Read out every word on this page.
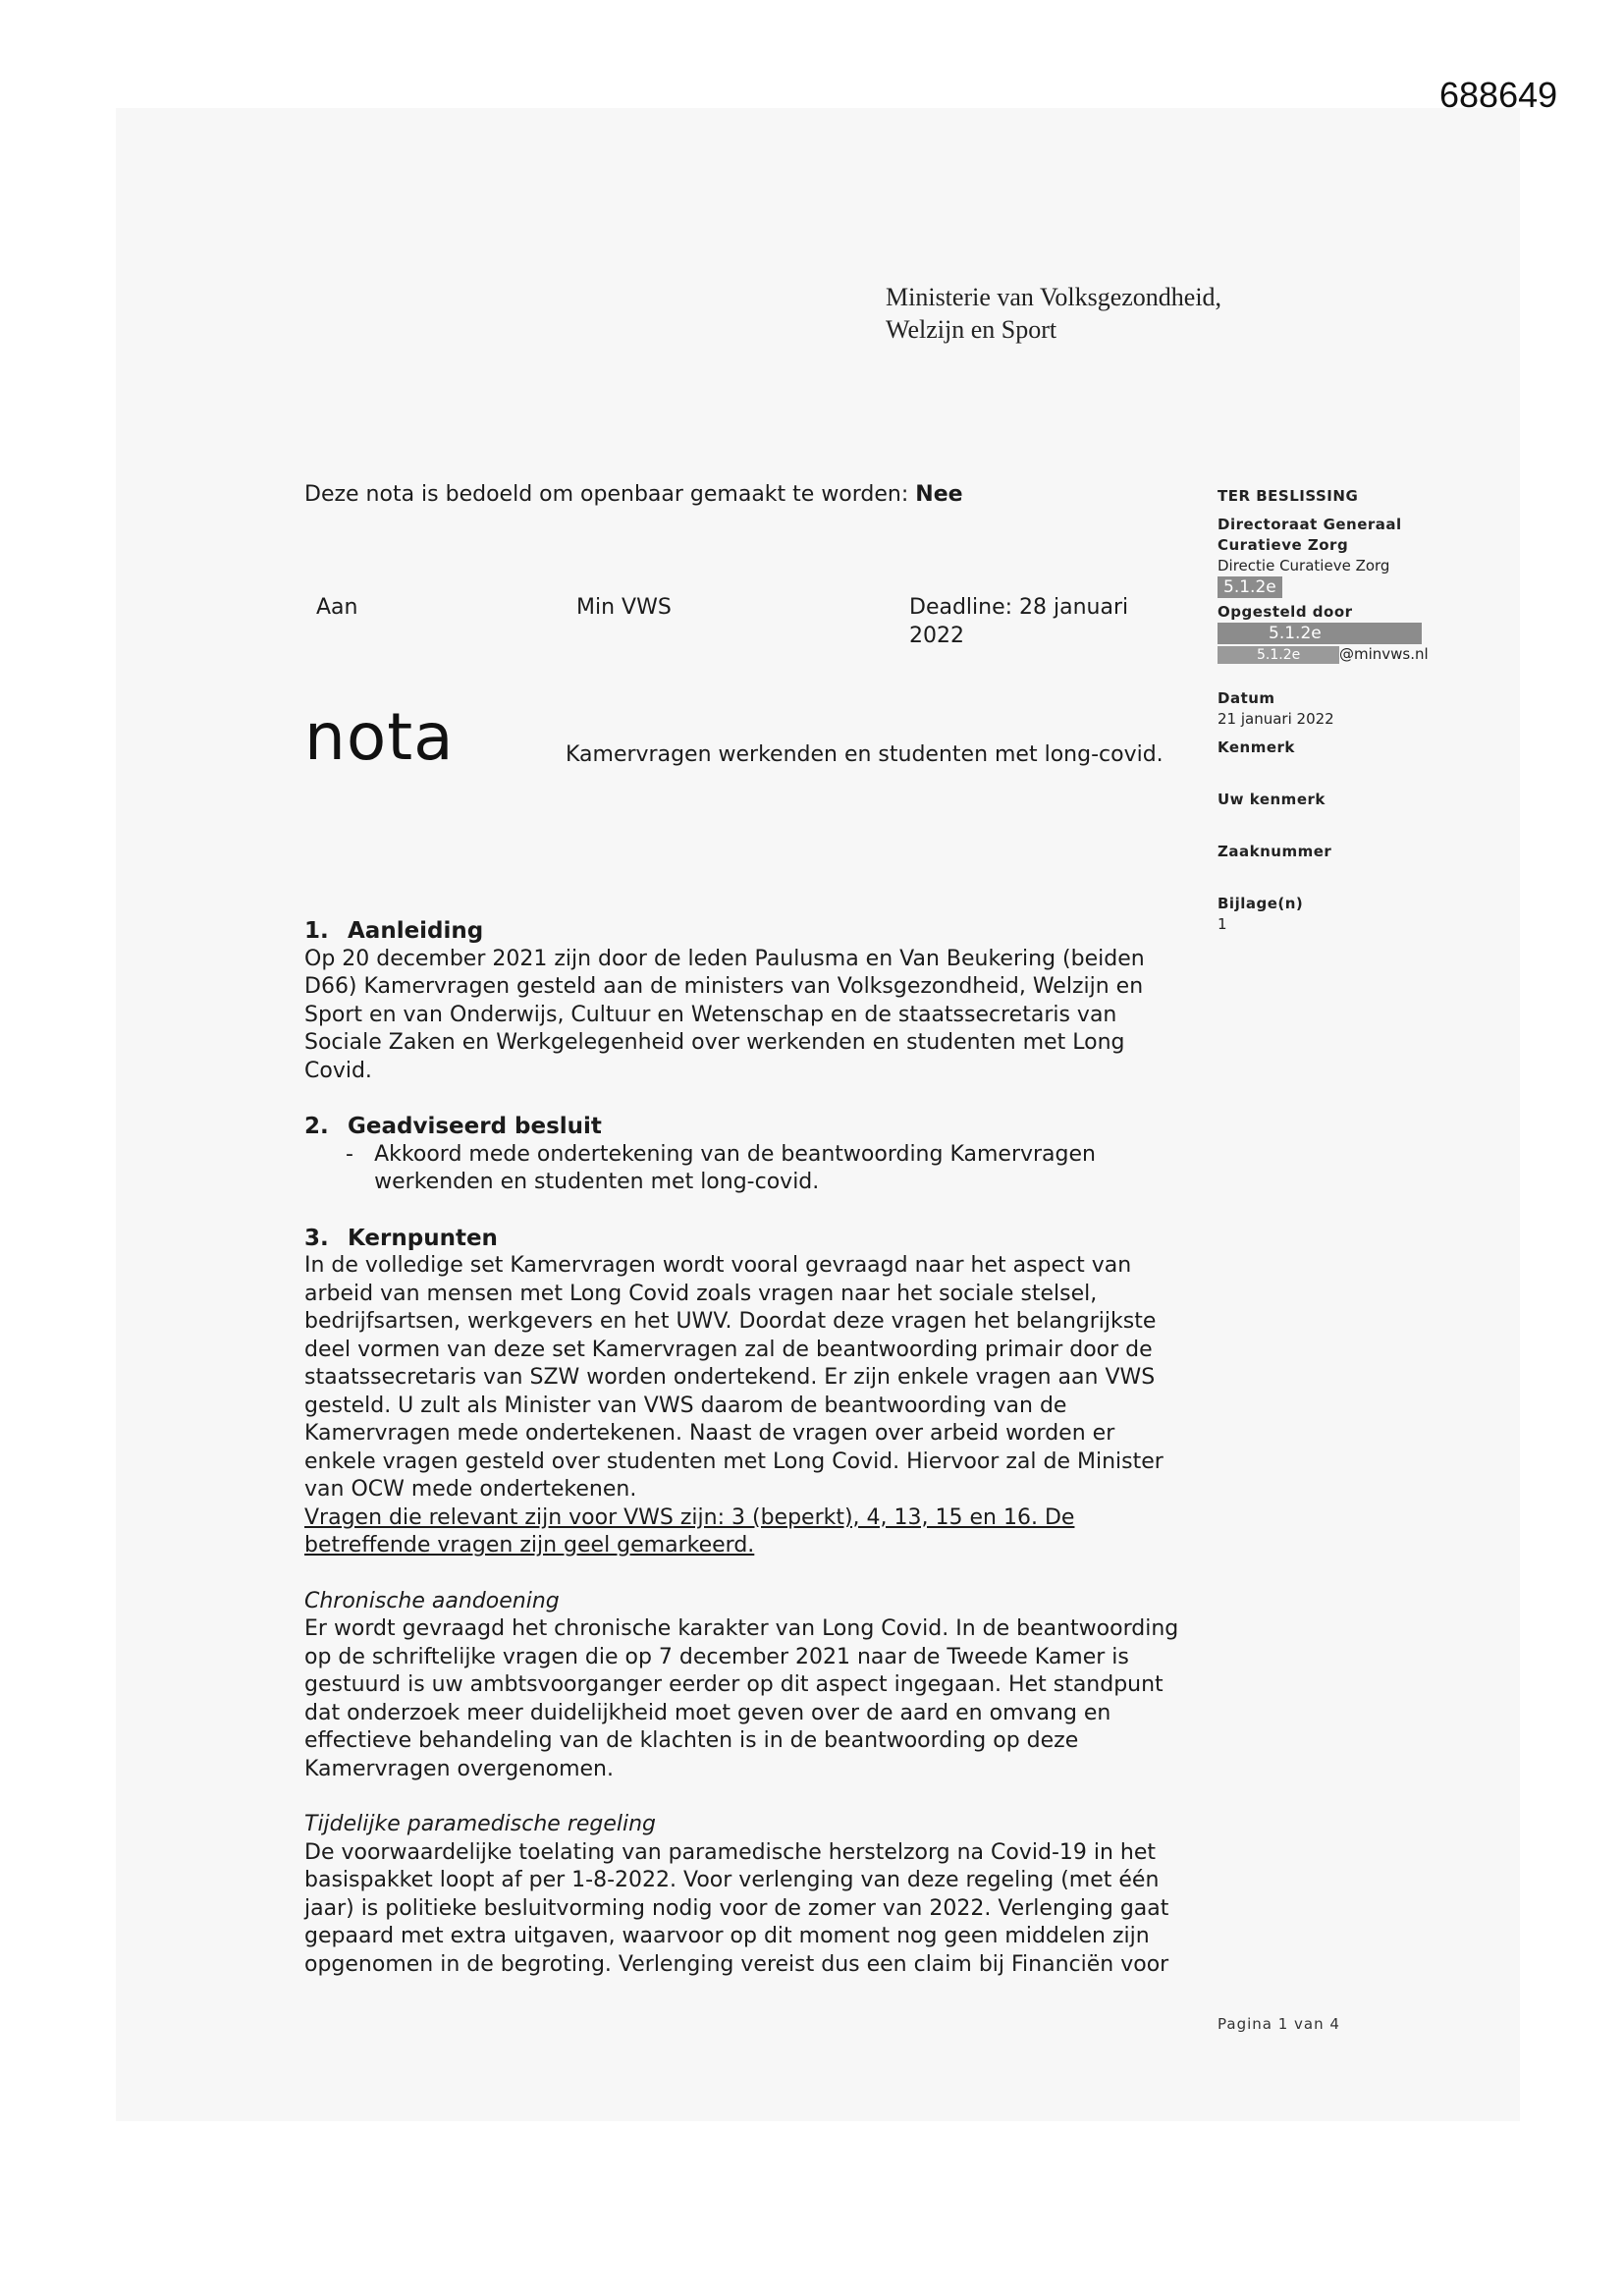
688649
Ministerie van Volksgezondheid,
Welzijn en Sport
Deze nota is bedoeld om openbaar gemaakt te worden: Nee
Aan	Min VWS	Deadline: 28 januari 2022
nota	Kamervragen werkenden en studenten met long-covid.
1. Aanleiding

Op 20 december 2021 zijn door de leden Paulusma en Van Beukering (beiden D66) Kamervragen gesteld aan de ministers van Volksgezondheid, Welzijn en Sport en van Onderwijs, Cultuur en Wetenschap en de staatssecretaris van Sociale Zaken en Werkgelegenheid over werkenden en studenten met Long Covid.

2. Geadviseerd besluit
- Akkoord mede ondertekening van de beantwoording Kamervragen werkenden en studenten met long-covid.
3. Kernpunten

In de volledige set Kamervragen wordt vooral gevraagd naar het aspect van arbeid van mensen met Long Covid zoals vragen naar het sociale stelsel, bedrijfsartsen, werkgevers en het UWV. Doordat deze vragen het belangrijkste deel vormen van deze set Kamervragen zal de beantwoording primair door de staatssecretaris van SZW worden ondertekend. Er zijn enkele vragen aan VWS gesteld. U zult als Minister van VWS daarom de beantwoording van de Kamervragen mede ondertekenen. Naast de vragen over arbeid worden er enkele vragen gesteld over studenten met Long Covid. Hiervoor zal de Minister van OCW mede ondertekenen.

Vragen die relevant zijn voor VWS zijn: 3 (beperkt), 4, 13, 15 en 16. De betreffende vragen zijn geel gemarkeerd.

Chronische aandoening

Er wordt gevraagd het chronische karakter van Long Covid. In de beantwoording op de schriftelijke vragen die op 7 december 2021 naar de Tweede Kamer is gestuurd is uw ambtsvoorganger eerder op dit aspect ingegaan. Het standpunt dat onderzoek meer duidelijkheid moet geven over de aard en omvang en effectieve behandeling van de klachten is in de beantwoording op deze Kamervragen overgenomen.

Tijdelijke paramedische regeling

De voorwaardelijke toelating van paramedische herstelzorg na Covid-19 in het basispakket loopt af per 1-8-2022. Voor verlenging van deze regeling (met één jaar) is politieke besluitvorming nodig voor de zomer van 2022. Verlenging gaat gepaard met extra uitgaven, waarvoor op dit moment nog geen middelen zijn opgenomen in de begroting. Verlenging vereist dus een claim bij Financiën voor

TER BESLISSING
Directoraat Generaal
Curatieve Zorg
Directie Curatieve Zorg
5.1.2e
Opgesteld door
5.1.2e
5.1.2e	@minvws.nl
Datum
21 januari 2022
Kenmerk
Uw kenmerk
Zaaknummer
Bijlage(n)
1
Pagina 1 van 4
